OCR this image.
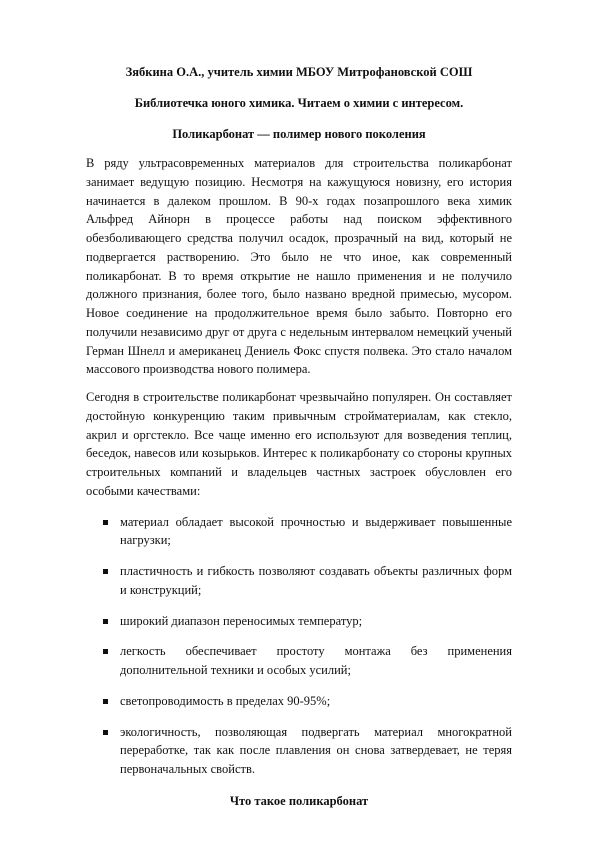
Зябкина О.А., учитель химии МБОУ Митрофановской СОШ

Библиотечка юного химика. Читаем о химии с интересом.

Поликарбонат — полимер нового поколения

В ряду ультрасовременных материалов для строительства поликарбонат занимает ведущую позицию. Несмотря на кажущуюся новизну, его история начинается в далеком прошлом. В 90-х годах позапрошлого века химик Альфред Айнорн в процессе работы над поиском эффективного обезболивающего средства получил осадок, прозрачный на вид, который не подвергается растворению. Это было не что иное, как современный поликарбонат. В то время открытие не нашло применения и не получило должного признания, более того, было названо вредной примесью, мусором. Новое соединение на продолжительное время было забыто. Повторно его получили независимо друг от друга с недельным интервалом немецкий ученый Герман Шнелл и американец Дениель Фокс спустя полвека. Это стало началом массового производства нового полимера.

Сегодня в строительстве поликарбонат чрезвычайно популярен. Он составляет достойную конкуренцию таким привычным стройматериалам, как стекло, акрил и оргстекло. Все чаще именно его используют для возведения теплиц, беседок, навесов или козырьков. Интерес к поликарбонату со стороны крупных строительных компаний и владельцев частных застроек обусловлен его особыми качествами:

материал обладает высокой прочностью и выдерживает повышенные нагрузки;
пластичность и гибкость позволяют создавать объекты различных форм и конструкций;
широкий диапазон переносимых температур;
легкость обеспечивает простоту монтажа без применения дополнительной техники и особых усилий;
светопроводимость в пределах 90-95%;
экологичность, позволяющая подвергать материал многократной переработке, так как после плавления он снова затвердевает, не теряя первоначальных свойств.

Что такое поликарбонат
